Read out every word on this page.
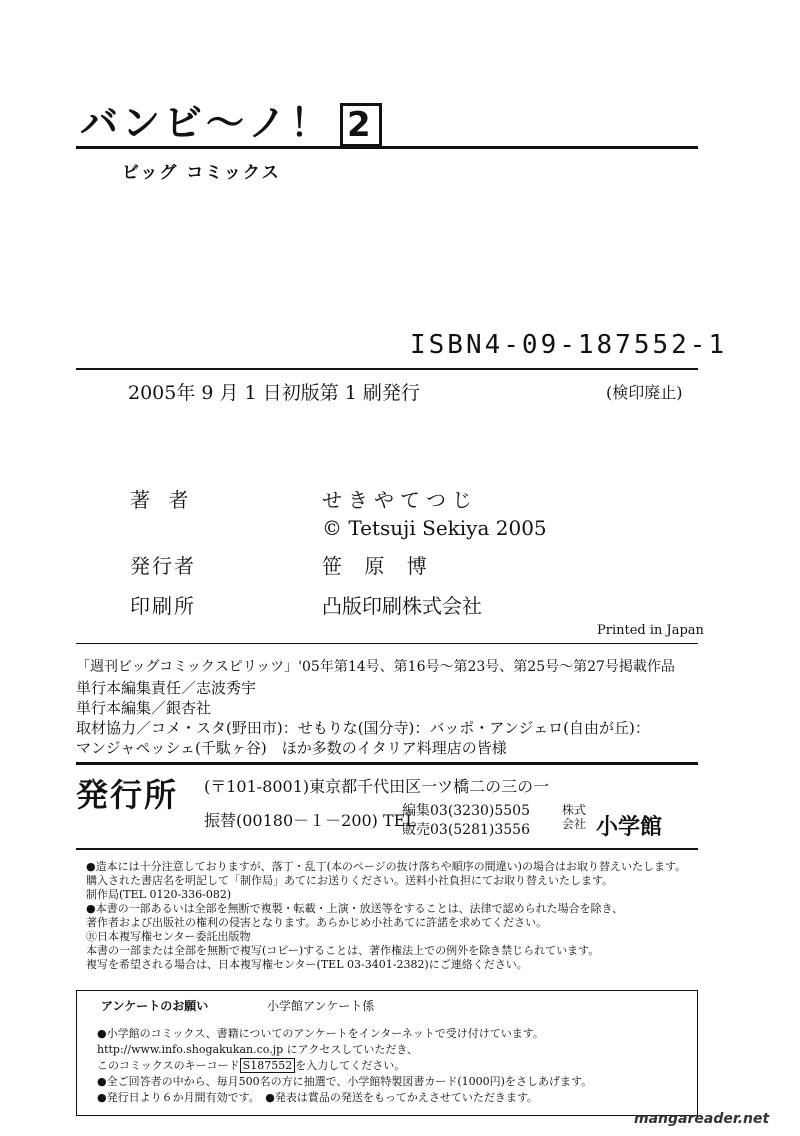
バンビ～ノ！ 2
ビッグ コミックス
ISBN4-09-187552-1
2005年 9 月 1 日初版第 1 刷発行	(検印廃止)
著 者	せきやてつじ
© Tetsuji Sekiya 2005
発行者	笹 原 博
印刷所	凸版印刷株式会社
Printed in Japan
「週刊ビッグコミックスピリッツ」'05年第14号、第16号～第23号、第25号～第27号掲載作品
単行本編集責任／志波秀宇
単行本編集／銀杏社
取材協力／コメ・スタ(野田市)：せもりな(国分寺)：バッポ・アンジェロ(自由が丘)：
マンジャペッシェ(千駄ヶ谷)　ほか多数のイタリア料理店の皆様
発行所 (〒101-8001)東京都千代田区一ツ橋二の三の一
振替(00180－１－200) TEL
編集03(3230)5505
販売03(5281)3556
株式会社 小学館
●造本には十分注意しておりますが、落丁・乱丁(本のページの抜け落ちや順序の間違い)の場合はお取り替えいたします。
購入された書店名を明記して「制作局」あてにお送りください。送料小社負担にてお取り替えいたします。
制作局(TEL 0120-336-082)
●本書の一部あるいは全部を無断で複製・転載・上演・放送等をすることは、法律で認められた場合を除き、
著作者および出版社の権利の侵害となります。あらかじめ小社あてに許諾を求めてください。
Ⓡ日本複写権センター委託出版物
本書の一部または全部を無断で複写(コピー)することは、著作権法上での例外を除き禁じられています。
複写を希望される場合は、日本複写権センター(TEL 03-3401-2382)にご連絡ください。
アンケートのお願い	小学館アンケート係
●小学館のコミックス、書籍についてのアンケートをインターネットで受け付けています。
http://www.info.shogakukan.co.jp にアクセスしていただき、
このコミックスのキーコード S187552 を入力してください。
●全ご回答者の中から、毎月500名の方に抽選で、小学館特製図書カード(1000円)をさしあげます。
●発行日より６か月間有効です。　●発表は賞品の発送をもってかえさせていただきます。
mangareader.net
